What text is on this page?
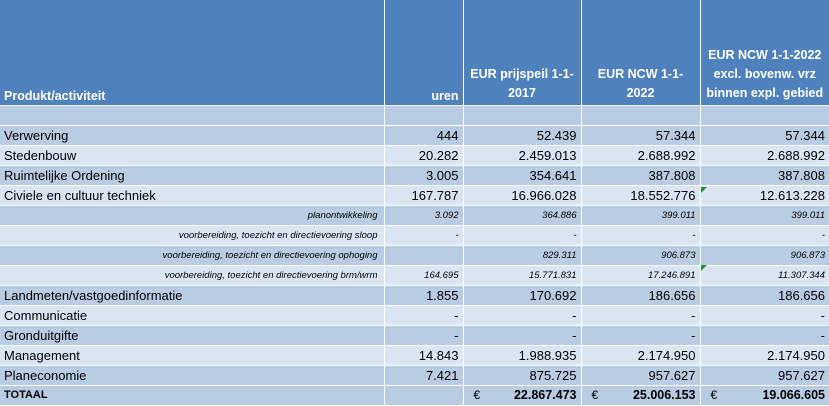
Produkt/activiteit	uren	EUR prijspeil 1-1-2017	EUR NCW 1-1-2022	EUR NCW 1-1-2022 excl. bovenw. vrz binnen expl. gebied

Verwerving	444	52.439	57.344	57.344
Stedenbouw	20.282	2.459.013	2.688.992	2.688.992
Ruimtelijke Ordening	3.005	354.641	387.808	387.808
Civiele en cultuur techniek	167.787	16.966.028	18.552.776	12.613.228
planontwikkeling	3.092	364.886	399.011	399.011
voorbereiding, toezicht en directievoering sloop	-	-	-	-
voorbereiding, toezicht en directievoering ophoging		829.311	906.873	906.873
voorbereiding, toezicht en directievoering brm/wrm	164.695	15.771.831	17.246.891	11.307.344
Landmeten/vastgoedinformatie	1.855	170.692	186.656	186.656
Communicatie	-	-	-	-
Gronduitgifte	-	-	-	-
Management	14.843	1.988.935	2.174.950	2.174.950
Planeconomie	7.421	875.725	957.627	957.627
TOTAAL		€ 22.867.473	€ 25.006.153	€ 19.066.605
